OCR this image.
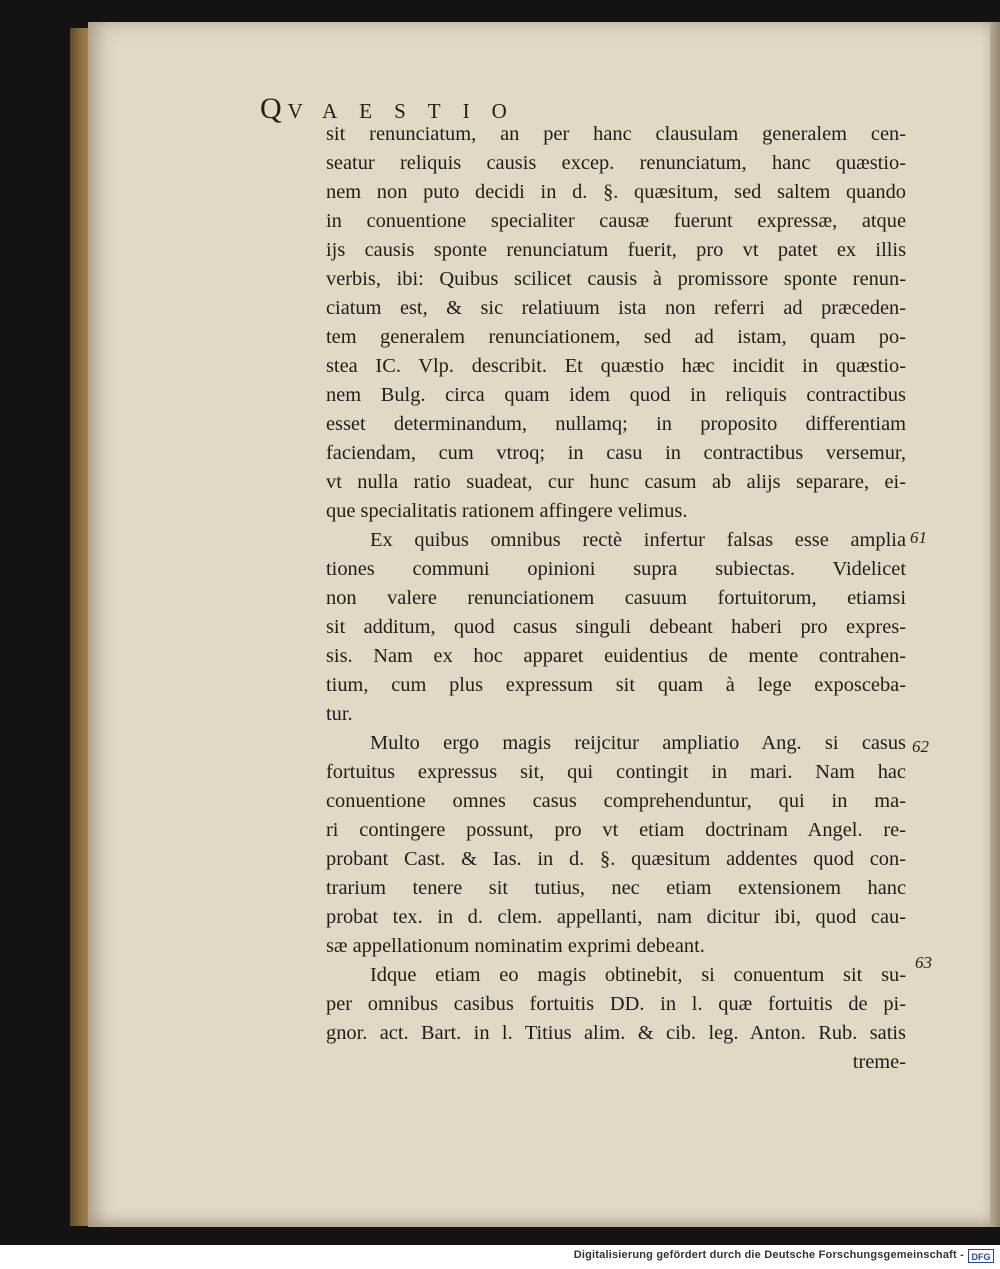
QVAESTIO
sit renunciatum, an per hanc clausulam generalem cen-
seatur reliquis causis excep. renunciatum, hanc quæstio-
nem non puto decidi in d. §. quæsitum, sed saltem quando
in conuentione specialiter causæ fuerunt expressæ, atque
ijs causis sponte renunciatum fuerit, pro vt patet ex illis
verbis, ibi: Quibus scilicet causis à promissore sponte renun-
ciatum est, & sic relatiuum ista non referri ad præceden-
tem generalem renunciationem, sed ad istam, quam po-
stea IC. Vlp. describit. Et quæstio hæc incidit in quæstio-
nem Bulg. circa quam idem quod in reliquis contractibus
esset determinandum, nullamq; in proposito differentiam
faciendam, cum vtroq; in casu in contractibus versemur,
vt nulla ratio suadeat, cur hunc casum ab alijs separare, ei-
que specialitatis rationem affingere velimus.
Ex quibus omnibus rectè infertur falsas esse amplia
tiones communi opinioni supra subiectas. Videlicet
non valere renunciationem casuum fortuitorum, etiamsi
sit additum, quod casus singuli debeant haberi pro expres-
sis. Nam ex hoc apparet euidentius de mente contrahen-
tium, cum plus expressum sit quam à lege exposceba-
tur.
Multo ergo magis reijcitur ampliatio Ang. si casus
fortuitus expressus sit, qui contingit in mari. Nam hac
conuentione omnes casus comprehenduntur, qui in ma-
ri contingere possunt, pro vt etiam doctrinam Angel. re-
probant Cast. & Ias. in d. §. quæsitum addentes quod con-
trarium tenere sit tutius, nec etiam extensionem hanc
probat tex. in d. clem. appellanti, nam dicitur ibi, quod cau-
sæ appellationum nominatim exprimi debeant.
Idque etiam eo magis obtinebit, si conuentum sit su-
per omnibus casibus fortuitis DD. in l. quæ fortuitis de pi-
gnor. act. Bart. in l. Titius alim. & cib. leg. Anton. Rub. satis
treme-
61
62
63
Digitalisierung gefördert durch die Deutsche Forschungsgemeinschaft - DFG
